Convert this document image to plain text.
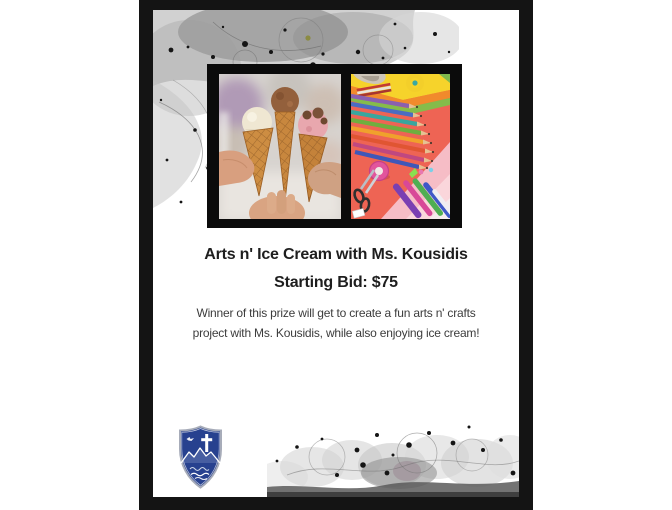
Arts n' Ice Cream with Ms. Kousidis
Starting Bid: $75
Winner of this prize will get to create a fun arts n' crafts
project with Ms. Kousidis, while also enjoying ice cream!
